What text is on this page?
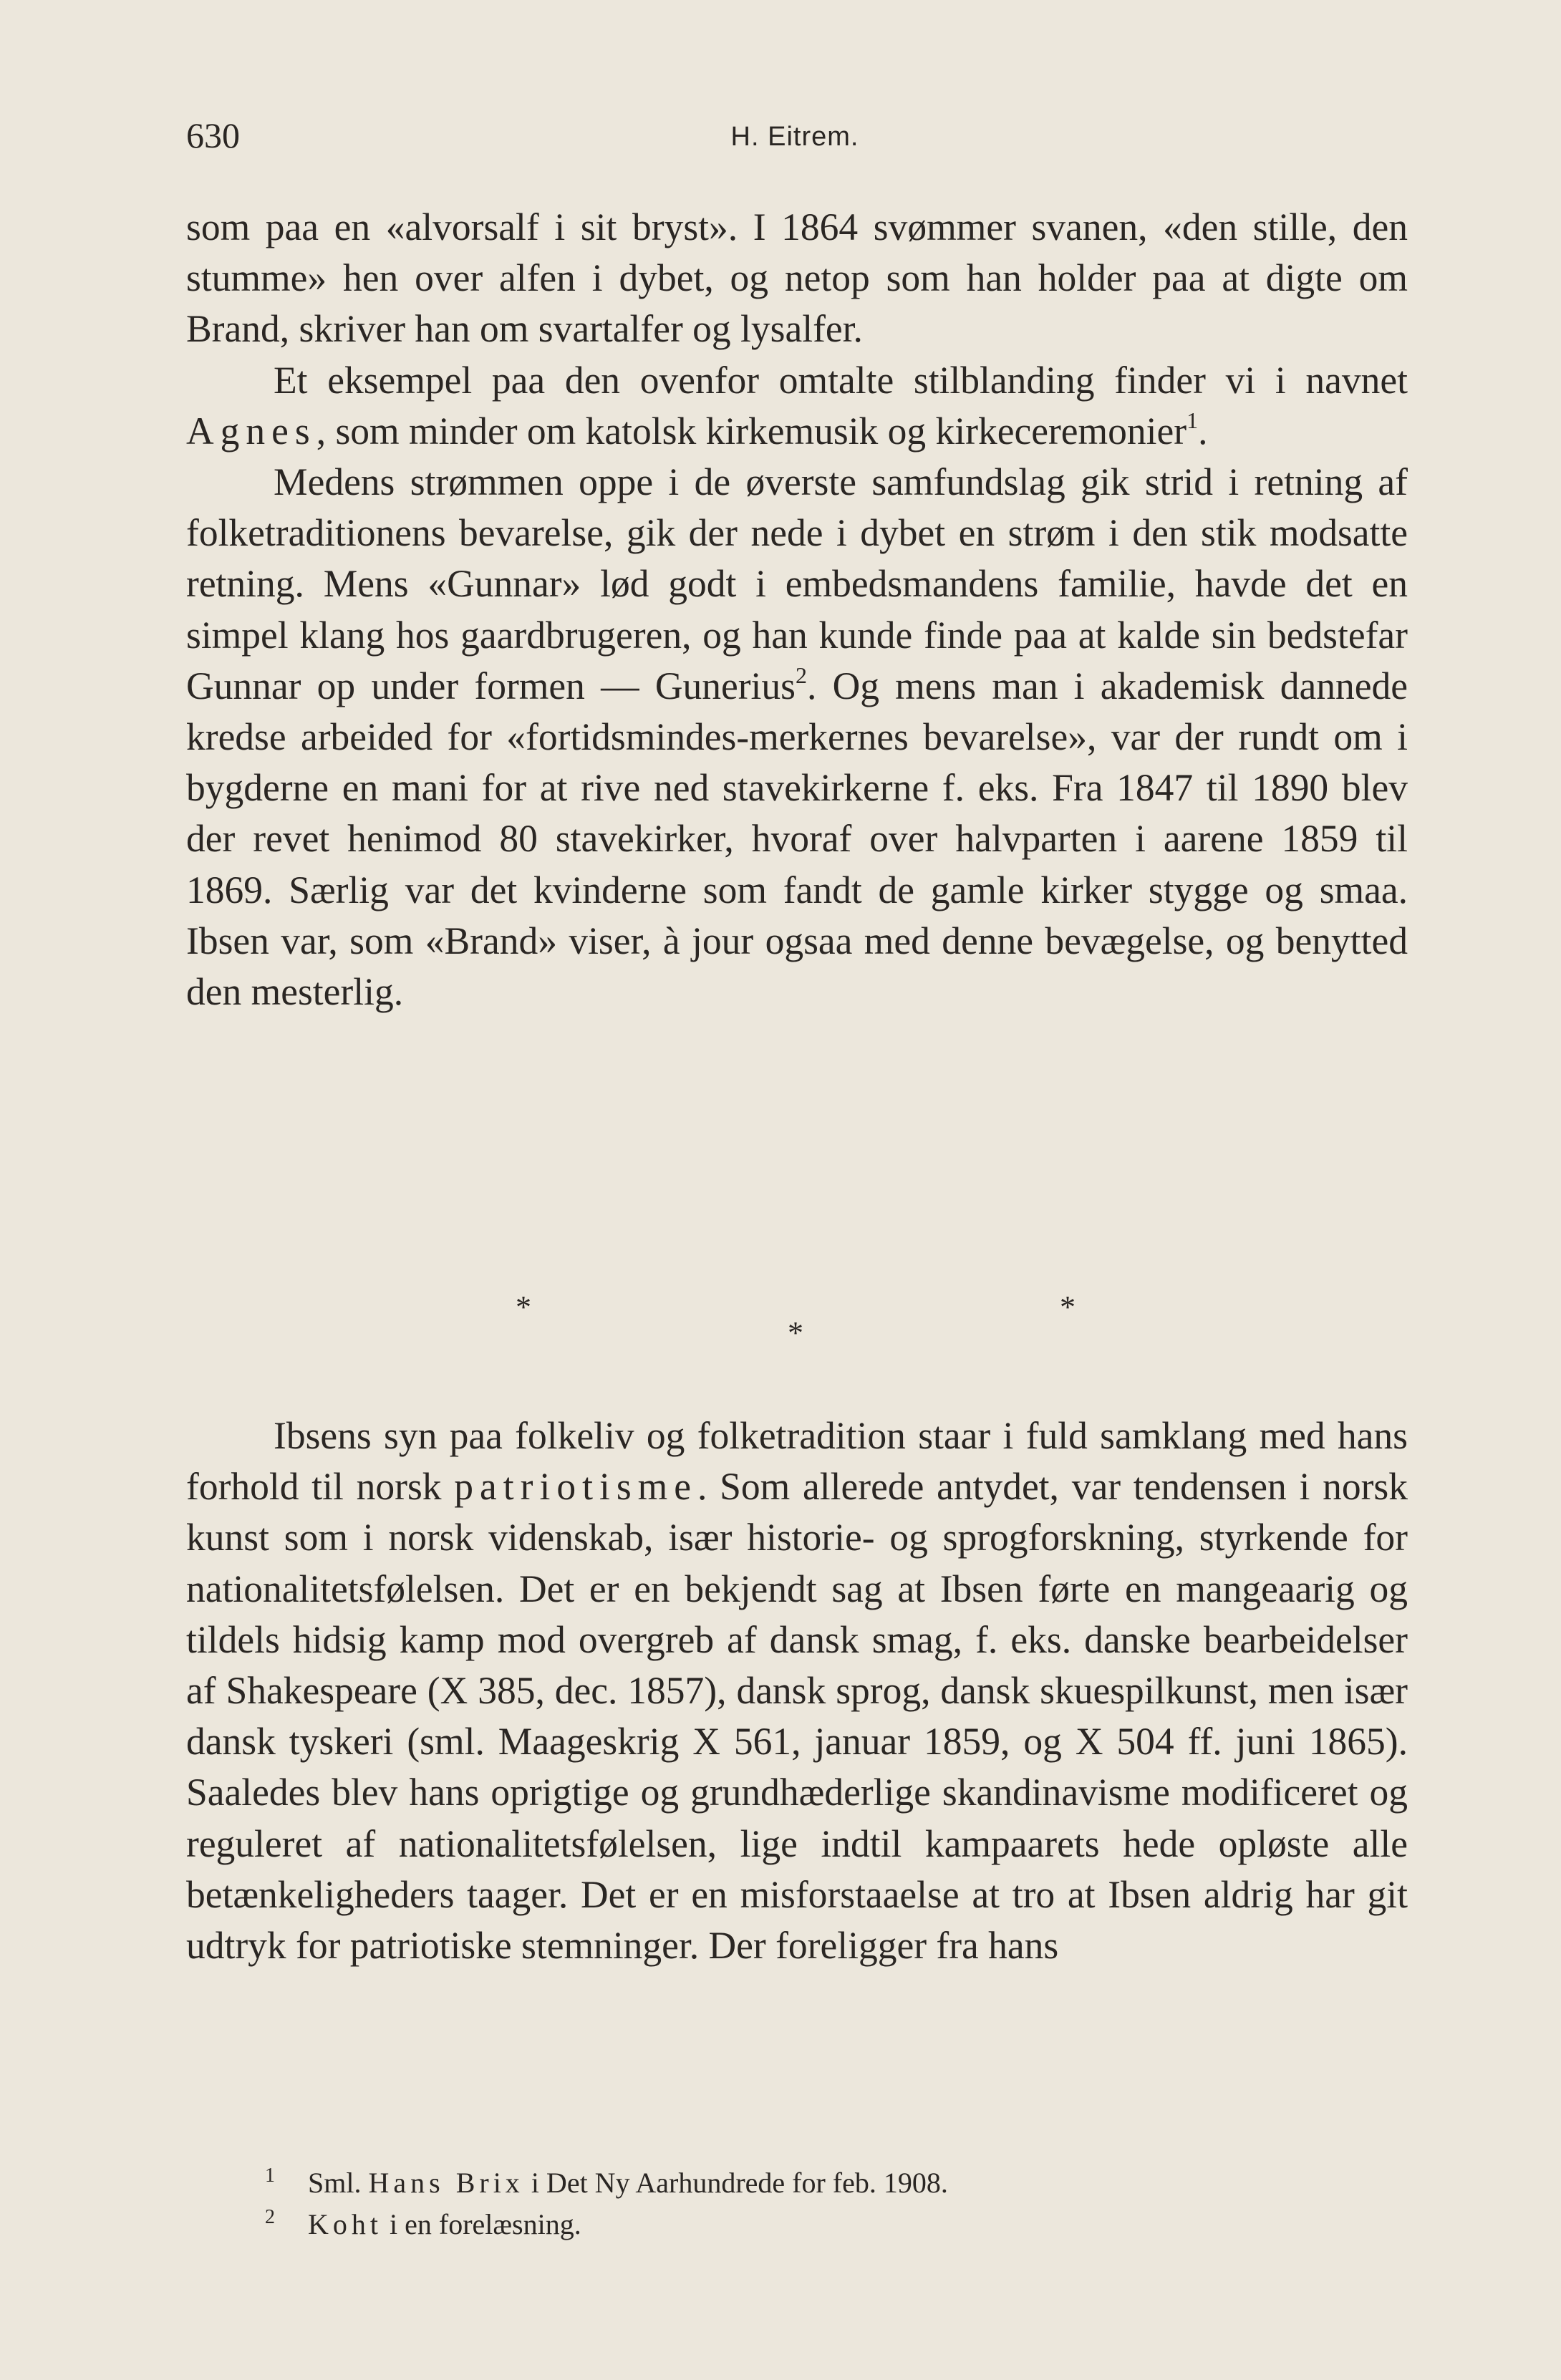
630	H. Eitrem.

som paa en «alvorsalf i sit bryst». I 1864 svømmer svanen, «den stille, den stumme» hen over alfen i dybet, og netop som han holder paa at digte om Brand, skriver han om svartalfer og lysalfer.

Et eksempel paa den ovenfor omtalte stilblanding finder vi i navnet Agnes, som minder om katolsk kirkemusik og kirkeceremonier$^1$.

Medens strømmen oppe i de øverste samfundslag gik strid i retning af folketraditionens bevarelse, gik der nede i dybet en strøm i den stik modsatte retning. Mens «Gunnar» lød godt i embedsmandens familie, havde det en simpel klang hos gaardbrugeren, og han kunde finde paa at kalde sin bedstefar Gunnar op under formen — Gunerius$^2$. Og mens man i akademisk dannede kredse arbeided for «fortidsmindes-merkernes bevarelse», var der rundt om i bygderne en mani for at rive ned stavekirkerne f. eks. Fra 1847 til 1890 blev der revet henimod 80 stavekirker, hvoraf over halvparten i aarene 1859 til 1869. Særlig var det kvinderne som fandt de gamle kirker stygge og smaa. Ibsen var, som «Brand» viser, à jour ogsaa med denne bevægelse, og benytted den mesterlig.

*	*
*

Ibsens syn paa folkeliv og folketradition staar i fuld samklang med hans forhold til norsk patriotisme. Som allerede antydet, var tendensen i norsk kunst som i norsk videnskab, især historie- og sprogforskning, styrkende for nationalitetsfølelsen. Det er en bekjendt sag at Ibsen førte en mangeaarig og tildels hidsig kamp mod overgreb af dansk smag, f. eks. danske bearbeidelser af Shakespeare (X 385, dec. 1857), dansk sprog, dansk skuespilkunst, men især dansk tyskeri (sml. Maageskrig X 561, januar 1859, og X 504 ff. juni 1865). Saaledes blev hans oprigtige og grundhæderlige skandinavisme modificeret og reguleret af nationalitetsfølelsen, lige indtil kampaarets hede opløste alle betænkeligheders taager. Det er en misforstaaelse at tro at Ibsen aldrig har git udtryk for patriotiske stemninger. Der foreligger fra hans

1 Sml. Hans Brix i Det Ny Aarhundrede for feb. 1908.

2 Koht i en forelæsning.
